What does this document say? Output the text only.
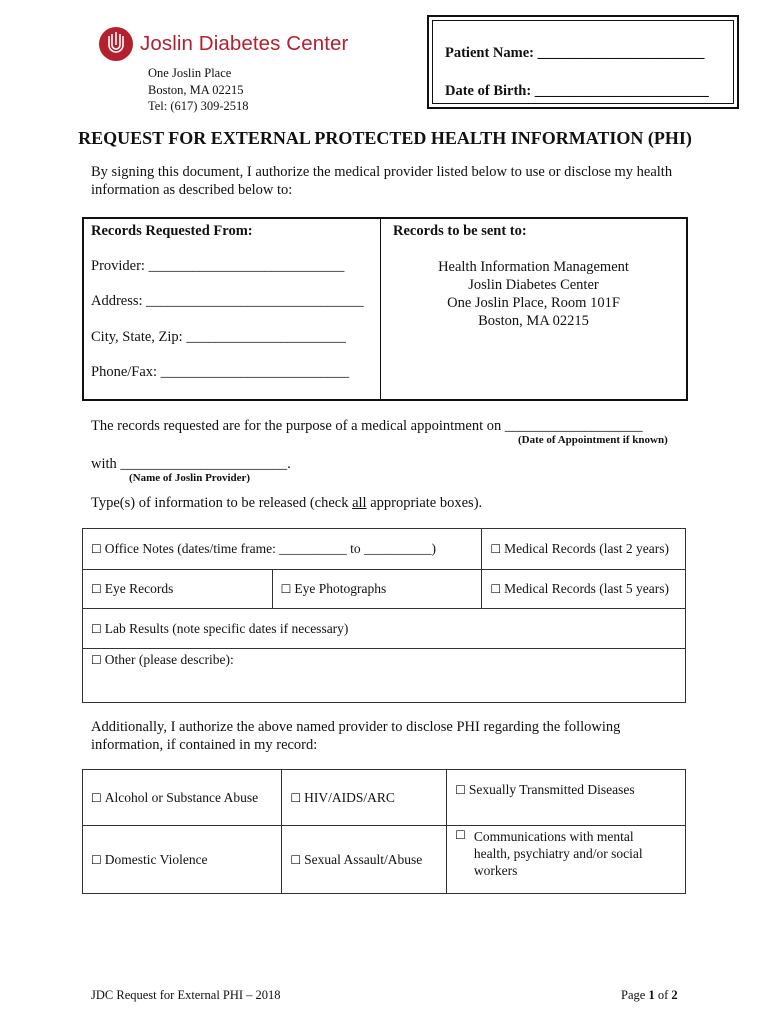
Joslin Diabetes Center
One Joslin Place
Boston, MA 02215
Tel: (617) 309-2518
Patient Name: _______________________
Date of Birth: ________________________
REQUEST FOR EXTERNAL PROTECTED HEALTH INFORMATION (PHI)
By signing this document, I authorize the medical provider listed below to use or disclose my health information as described below to:
Records Requested From:	Records to be sent to:
Provider: ___________________________
Address: ______________________________
City, State, Zip: ______________________
Phone/Fax: __________________________
Health Information Management
Joslin Diabetes Center
One Joslin Place, Room 101F
Boston, MA 02215
The records requested are for the purpose of a medical appointment on ___________________
(Date of Appointment if known)
with _______________________.
(Name of Joslin Provider)
Type(s) of information to be released (check all appropriate boxes).
☐ Office Notes (dates/time frame: __________ to __________)		☐ Medical Records (last 2 years)
☐ Eye Records	☐ Eye Photographs	☐ Medical Records (last 5 years)
☐ Lab Results (note specific dates if necessary)		
☐ Other (please describe):		
Additionally, I authorize the above named provider to disclose PHI regarding the following information, if contained in my record:
☐ Alcohol or Substance Abuse	☐ HIV/AIDS/ARC	☐ Sexually Transmitted Diseases
☐ Domestic Violence	☐ Sexual Assault/Abuse	☐ Communications with mental health, psychiatry and/or social workers
JDC Request for External PHI – 2018	Page 1 of 2
